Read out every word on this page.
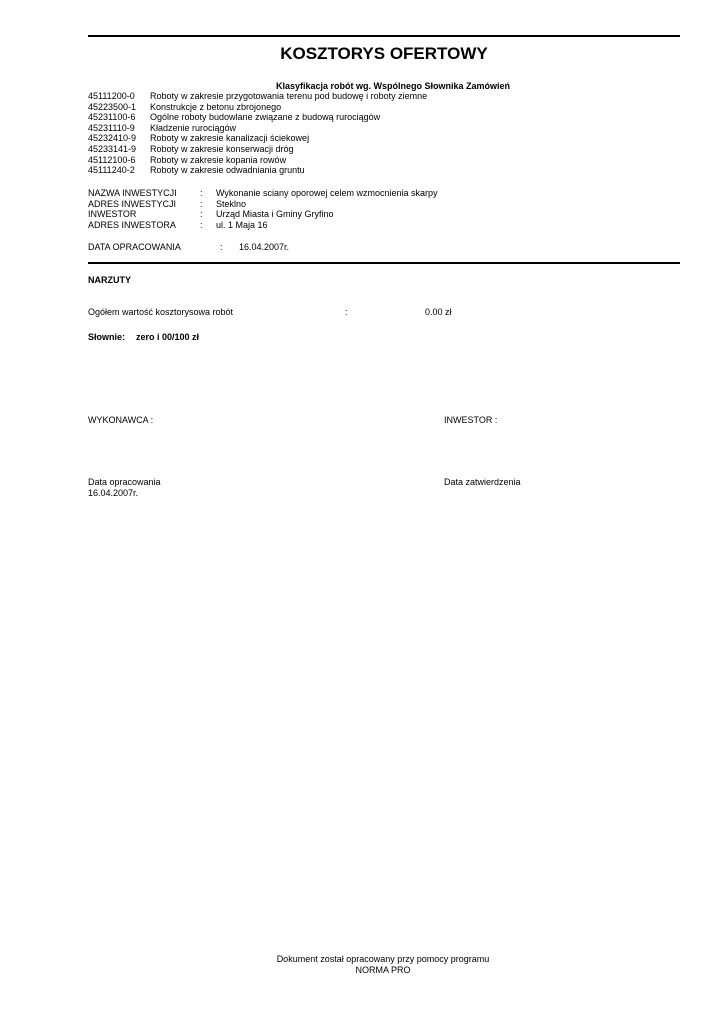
KOSZTORYS OFERTOWY
Klasyfikacja robót wg. Wspólnego Słownika Zamówień
45111200-0 Roboty w zakresie przygotowania terenu pod budowę i roboty ziemne
45223500-1 Konstrukcje z betonu zbrojonego
45231100-6 Ogólne roboty budowlane związane z budową rurociągów
45231110-9 Kładzenie rurociągów
45232410-9 Roboty w zakresie kanalizacji ściekowej
45233141-9 Roboty w zakresie konserwacji dróg
45112100-6 Roboty w zakresie kopania rowów
45111240-2 Roboty w zakresie odwadniania gruntu
NAZWA INWESTYCJI	: Wykonanie sciany oporowej celem wzmocnienia skarpy
ADRES INWESTYCJI	: Steklno
INWESTOR	: Urząd Miasta i Gminy Gryfino
ADRES INWESTORA	: ul. 1 Maja 16
DATA OPRACOWANIA	: 16.04.2007r.
NARZUTY
Ogółem wartość kosztorysowa robót	:	0.00 zł
Słownie: zero i 00/100 zł
WYKONAWCA :	INWESTOR :
Data opracowania
16.04.2007r.
Data zatwierdzenia
Dokument został opracowany przy pomocy programu
NORMA PRO
